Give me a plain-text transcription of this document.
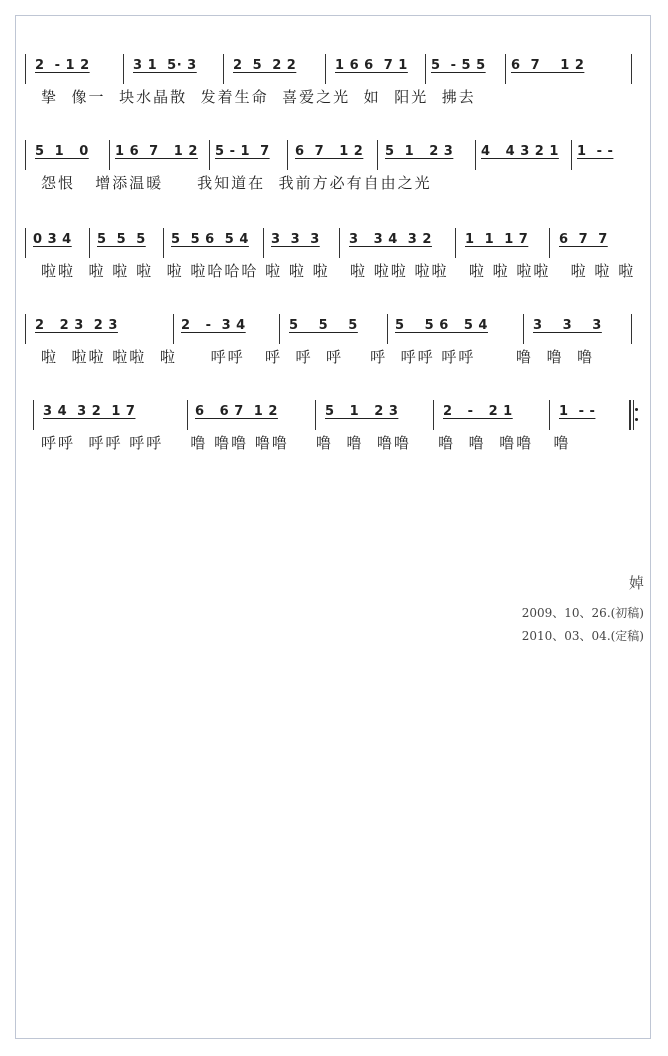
2  - 1 2	3 1  5· 3	2  5  2 2	1 6 6  7 1 5  - 5 5 6  7    1 2
挚  像一  块水晶散  发着生命  喜爱之光  如  阳光  拂去
5  1   0 1 6  7   1 2 5 - 1  7 6  7   1 2 5  1   2 3 4   4 3 2 1 1  - -
怨恨   增添温暖     我知道在  我前方必有自由之光
0 3 4 5  5  5 5  5 6  5 4 3  3  3 3   3 4  3 2	1  1  1 7 6  7  7
啦啦  啦 啦 啦  啦 啦哈哈哈 啦 啦 啦   啦 啦啦 啦啦   啦 啦 啦啦   啦 啦 啦
2   2 3  2 3	2   -  3 4	5    5    5	5    5 6   5 4	3    3    3
啦  啦啦 啦啦  啦     呼呼   呼  呼  呼    呼  呼呼 呼呼      噜  噜  噜
3 4  3 2  1 7	6   6 7  1 2	5   1   2 3	2   -   2 1	1  - -
呼呼  呼呼 呼呼    噜 噜噜 噜噜    噜  噜  噜噜    噜  噜  噜噜   噜
婥
2009、10、26.(初稿)
2010、03、04.(定稿)
